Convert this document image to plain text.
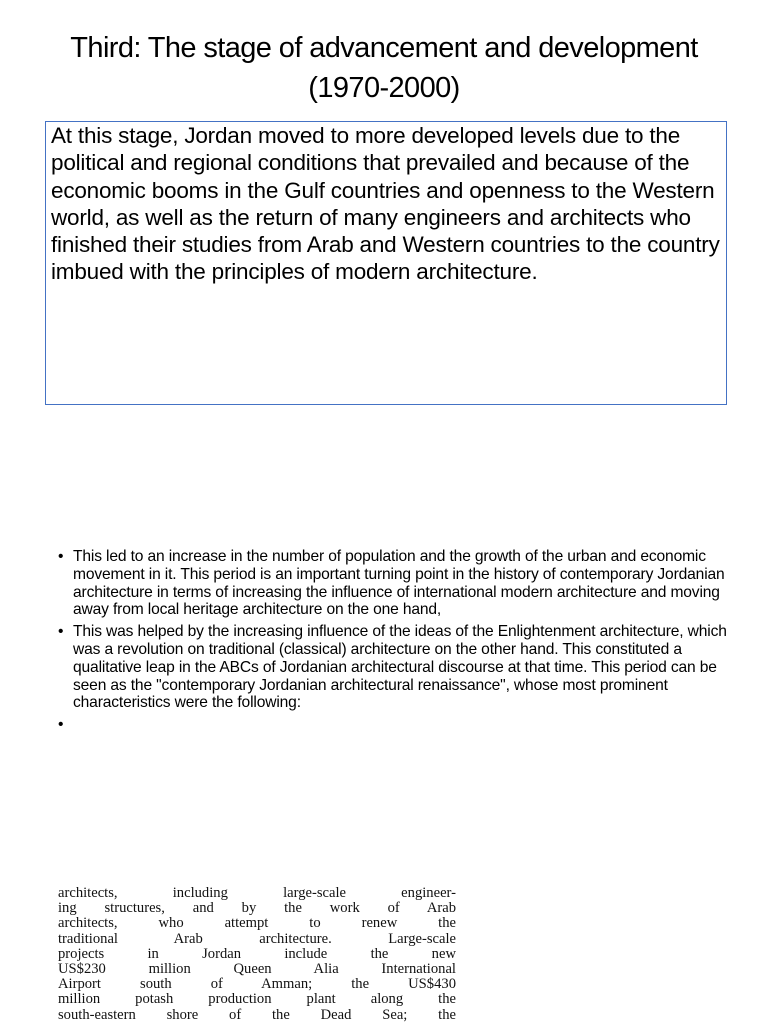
Third: The stage of advancement and development (1970-2000)

At this stage, Jordan moved to more developed levels due to the political and regional conditions that prevailed and because of the economic booms in the Gulf countries and openness to the Western world, as well as the return of many engineers and architects who finished their studies from Arab and Western countries to the country imbued with the principles of modern architecture.

• This led to an increase in the number of population and the growth of the urban and economic movement in it. This period is an important turning point in the history of contemporary Jordanian architecture in terms of increasing the influence of international modern architecture and moving away from local heritage architecture on the one hand,
• This was helped by the increasing influence of the ideas of the Enlightenment architecture, which was a revolution on traditional (classical) architecture on the other hand. This constituted a qualitative leap in the ABCs of Jordanian architectural discourse at that time. This period can be seen as the "contemporary Jordanian architectural renaissance", whose most prominent characteristics were the following:
•

architects, including large-scale engineer-

ing structures, and by the work of Arab

architects, who attempt to renew the

traditional Arab architecture. Large-scale

projects in Jordan include the new

US$230 million Queen Alia International

Airport south of Amman; the US$430

million potash production plant along the

south-eastern shore of the Dead Sea; the
